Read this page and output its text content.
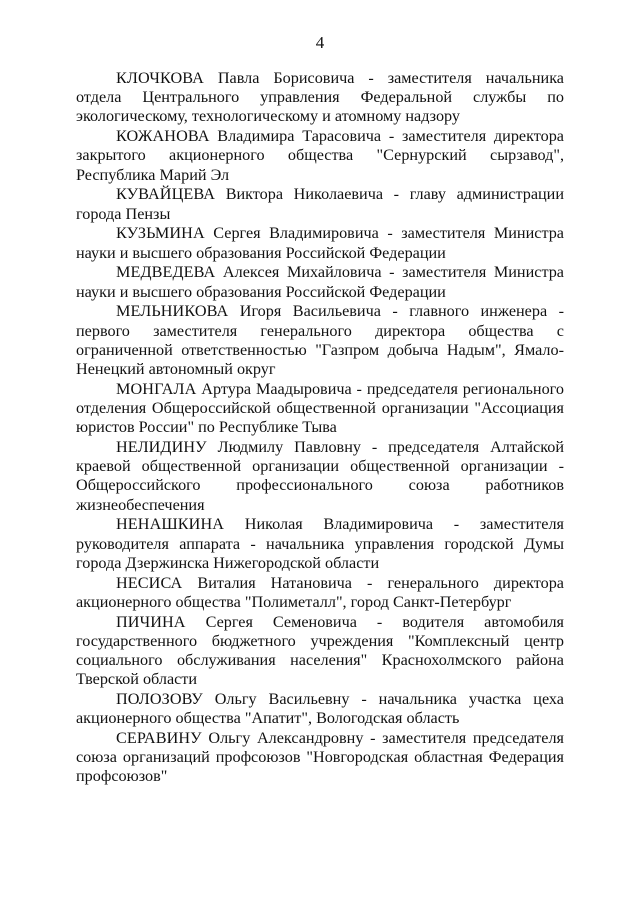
4

КЛОЧКОВА Павла Борисовича - заместителя начальника отдела Центрального управления Федеральной службы по экологическому, технологическому и атомному надзору

КОЖАНОВА Владимира Тарасовича - заместителя директора закрытого акционерного общества "Сернурский сырзавод", Республика Марий Эл

КУВАЙЦЕВА Виктора Николаевича - главу администрации города Пензы

КУЗЬМИНА Сергея Владимировича - заместителя Министра науки и высшего образования Российской Федерации

МЕДВЕДЕВА Алексея Михайловича - заместителя Министра науки и высшего образования Российской Федерации

МЕЛЬНИКОВА Игоря Васильевича - главного инженера - первого заместителя генерального директора общества с ограниченной ответственностью "Газпром добыча Надым", Ямало-Ненецкий автономный округ

МОНГАЛА Артура Маадыровича - председателя регионального отделения Общероссийской общественной организации "Ассоциация юристов России" по Республике Тыва

НЕЛИДИНУ Людмилу Павловну - председателя Алтайской краевой общественной организации общественной организации - Общероссийского профессионального союза работников жизнеобеспечения

НЕНАШКИНА Николая Владимировича - заместителя руководителя аппарата - начальника управления городской Думы города Дзержинска Нижегородской области

НЕСИСА Виталия Натановича - генерального директора акционерного общества "Полиметалл", город Санкт-Петербург

ПИЧИНА Сергея Семеновича - водителя автомобиля государственного бюджетного учреждения "Комплексный центр социального обслуживания населения" Краснохолмского района Тверской области

ПОЛОЗОВУ Ольгу Васильевну - начальника участка цеха акционерного общества "Апатит", Вологодская область

СЕРАВИНУ Ольгу Александровну - заместителя председателя союза организаций профсоюзов "Новгородская областная Федерация профсоюзов"
